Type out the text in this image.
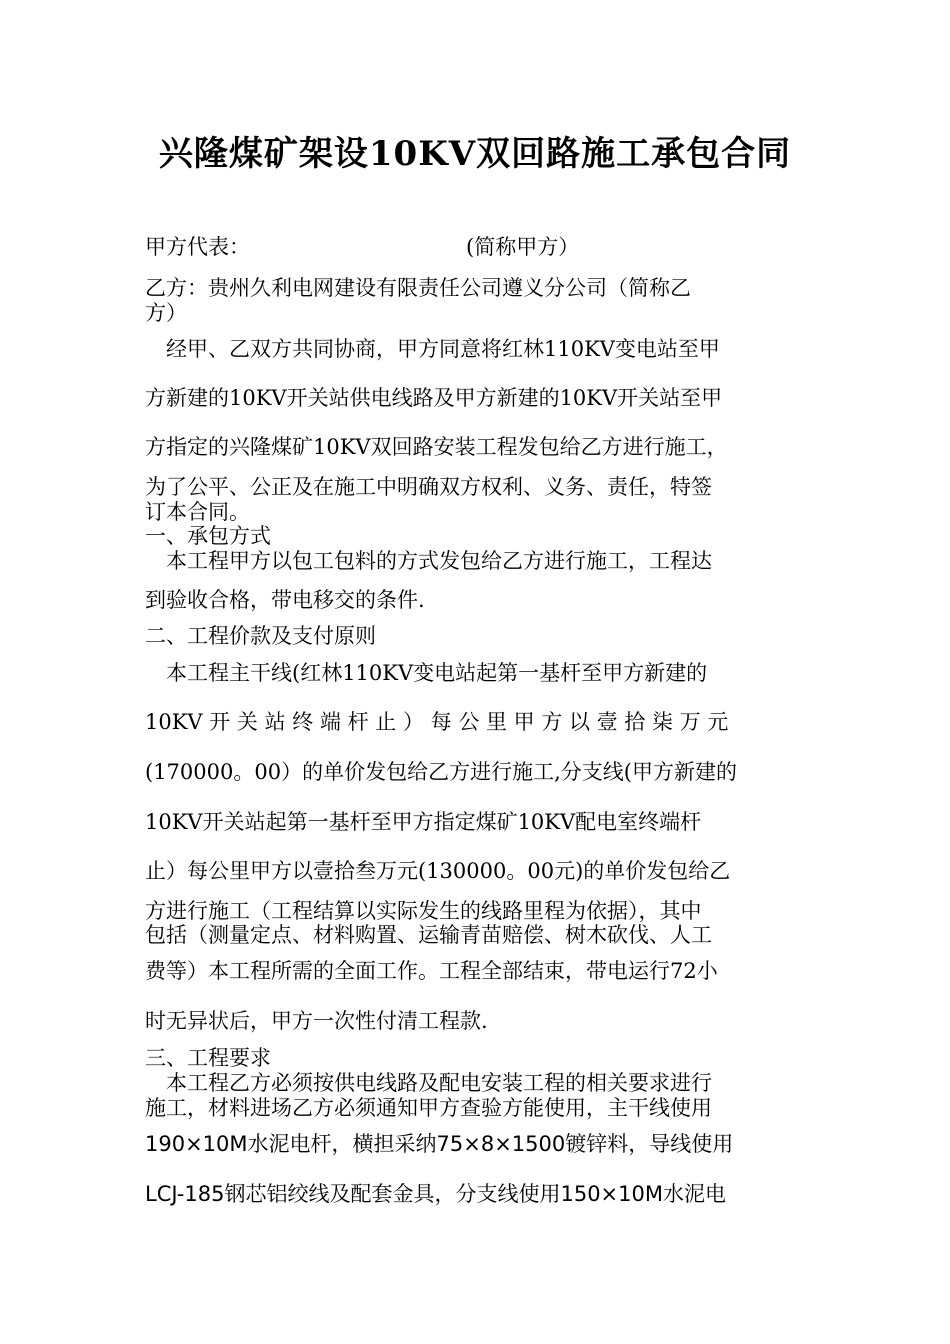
兴隆煤矿架设10KV双回路施工承包合同
甲方代表：	(简称甲方）
乙方：贵州久利电网建设有限责任公司遵义分公司（简称乙
方）
　经甲、乙双方共同协商，甲方同意将红林110KV变电站至甲
方新建的10KV开关站供电线路及甲方新建的10KV开关站至甲
方指定的兴隆煤矿10KV双回路安装工程发包给乙方进行施工，
为了公平、公正及在施工中明确双方权利、义务、责任，特签
订本合同。
一、承包方式
　本工程甲方以包工包料的方式发包给乙方进行施工，工程达
到验收合格，带电移交的条件.
二、工程价款及支付原则
　本工程主干线(红林110KV变电站起第一基杆至甲方新建的
10KV 开 关 站 终 端 杆 止 ） 每 公 里 甲 方 以 壹 拾 柒 万 元
(170000。00）的单价发包给乙方进行施工,分支线(甲方新建的
10KV开关站起第一基杆至甲方指定煤矿10KV配电室终端杆
止）每公里甲方以壹拾叁万元(130000。00元)的单价发包给乙
方进行施工（工程结算以实际发生的线路里程为依据），其中
包括（测量定点、材料购置、运输青苗赔偿、树木砍伐、人工
费等）本工程所需的全面工作。工程全部结束，带电运行72小
时无异状后，甲方一次性付清工程款.
三、工程要求
　本工程乙方必须按供电线路及配电安装工程的相关要求进行
施工，材料进场乙方必须通知甲方查验方能使用，主干线使用
190×10M水泥电杆，横担采纳75×8×1500镀锌料，导线使用
LCJ-185钢芯铝绞线及配套金具，分支线使用150×10M水泥电
